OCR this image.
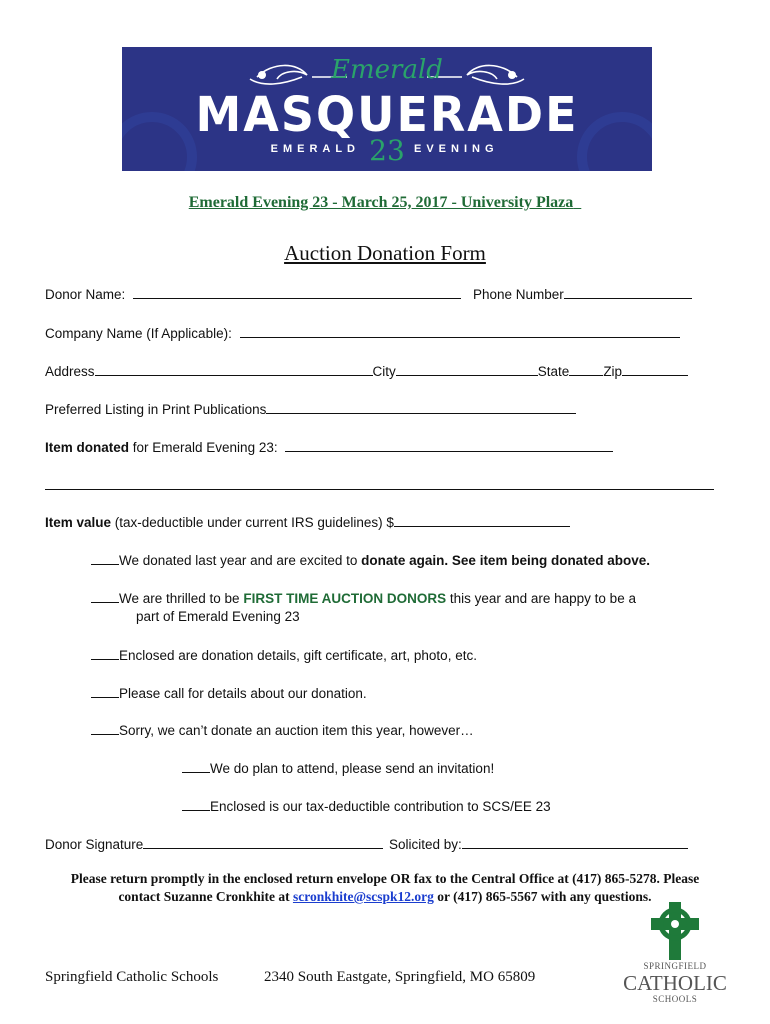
Emerald
MASQUERADE
EMERALD 23 EVENING
Emerald Evening 23 - March 25, 2017 - University Plaza
Auction Donation Form
Donor Name:	Phone Number
Company Name (If Applicable):
Address	City	State	Zip
Preferred Listing in Print Publications
Item donated for Emerald Evening 23:
Item value (tax-deductible under current IRS guidelines) $
We donated last year and are excited to donate again. See item being donated above.
We are thrilled to be FIRST TIME AUCTION DONORS this year and are happy to be a
part of Emerald Evening 23
Enclosed are donation details, gift certificate, art, photo, etc.
Please call for details about our donation.
Sorry, we can’t donate an auction item this year, however…
We do plan to attend, please send an invitation!
Enclosed is our tax-deductible contribution to SCS/EE 23
Donor Signature	Solicited by:
Please return promptly in the enclosed return envelope OR fax to the Central Office at (417) 865-5278. Please contact Suzanne Cronkhite at scronkhite@scspk12.org or (417) 865-5567 with any questions.
Springfield Catholic Schools	2340 South Eastgate, Springfield, MO 65809
SPRINGFIELD
CATHOLIC
SCHOOLS
